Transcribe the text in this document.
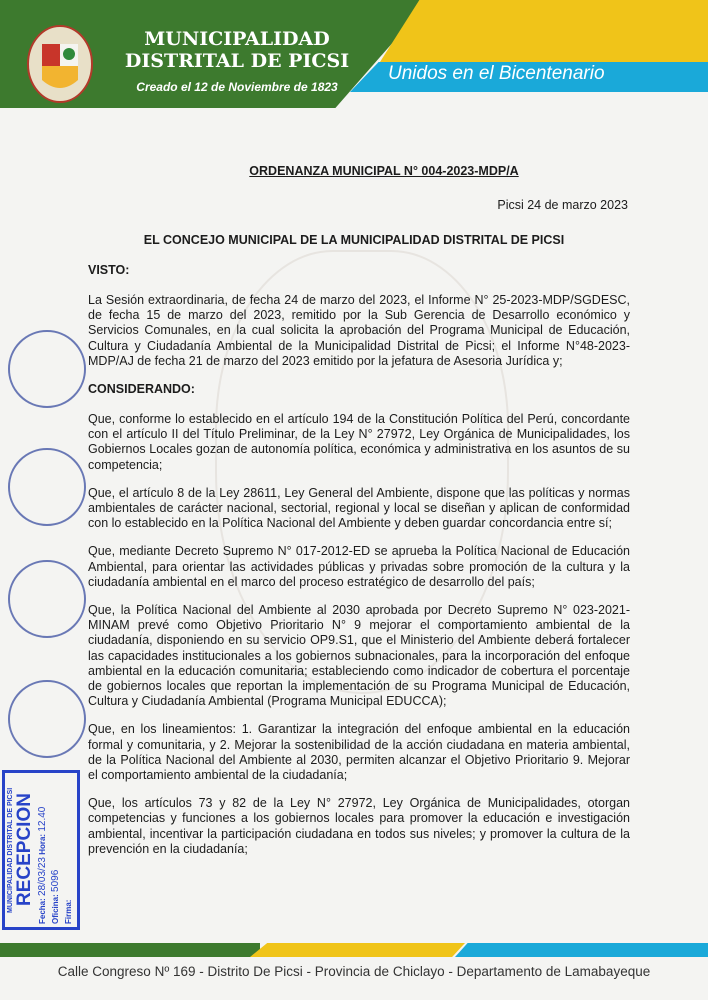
MUNICIPALIDAD
DISTRITAL DE PICSI
Creado el 12 de Noviembre de 1823
Unidos en el Bicentenario
ORDENANZA MUNICIPAL N° 004-2023-MDP/A
Picsi 24 de marzo 2023
EL CONCEJO MUNICIPAL DE LA MUNICIPALIDAD DISTRITAL DE PICSI
VISTO:
La Sesión extraordinaria, de fecha 24 de marzo del 2023, el Informe N° 25-2023-MDP/SGDESC, de fecha 15 de marzo del 2023, remitido por la Sub Gerencia de Desarrollo económico y Servicios Comunales, en la cual solicita la aprobación del Programa Municipal de Educación, Cultura y Ciudadanía Ambiental de la Municipalidad Distrital de Picsi; el Informe N°48-2023-MDP/AJ de fecha 21 de marzo del 2023 emitido por la jefatura de Asesoria Jurídica y;
CONSIDERANDO:
Que, conforme lo establecido en el artículo 194 de la Constitución Política del Perú, concordante con el artículo II del Título Preliminar, de la Ley N° 27972, Ley Orgánica de Municipalidades, los Gobiernos Locales gozan de autonomía política, económica y administrativa en los asuntos de su competencia;
Que, el artículo 8 de la Ley 28611, Ley General del Ambiente, dispone que las políticas y normas ambientales de carácter nacional, sectorial, regional y local se diseñan y aplican de conformidad con lo establecido en la Política Nacional del Ambiente y deben guardar concordancia entre sí;
Que, mediante Decreto Supremo N° 017-2012-ED se aprueba la Política Nacional de Educación Ambiental, para orientar las actividades públicas y privadas sobre promoción de la cultura y la ciudadanía ambiental en el marco del proceso estratégico de desarrollo del país;
Que, la Política Nacional del Ambiente al 2030 aprobada por Decreto Supremo N° 023-2021-MINAM prevé como Objetivo Prioritario N° 9 mejorar el comportamiento ambiental de la ciudadanía, disponiendo en su servicio OP9.S1, que el Ministerio del Ambiente deberá fortalecer las capacidades institucionales a los gobiernos subnacionales, para la incorporación del enfoque ambiental en la educación comunitaria; estableciendo como indicador de cobertura el porcentaje de gobiernos locales que reportan la implementación de su Programa Municipal de Educación, Cultura y Ciudadanía Ambiental (Programa Municipal EDUCCA);
Que, en los lineamientos: 1. Garantizar la integración del enfoque ambiental en la educación formal y comunitaria, y 2. Mejorar la sostenibilidad de la acción ciudadana en materia ambiental, de la Política Nacional del Ambiente al 2030, permiten alcanzar el Objetivo Prioritario 9. Mejorar el comportamiento ambiental de la ciudadanía;
Que, los artículos 73 y 82 de la Ley N° 27972, Ley Orgánica de Municipalidades, otorgan competencias y funciones a los gobiernos locales para promover la educación e investigación ambiental, incentivar la participación ciudadana en todos sus niveles; y promover la cultura de la prevención en la ciudadanía;
MUNICIPALIDAD DISTRITAL DE PICSI RECEPCION
Fecha: 28/03/23 Hora: 12.40
Oficina: 5096
Firma:
Calle Congreso Nº 169 - Distrito De Picsi - Provincia de Chiclayo - Departamento de Lamabayeque
